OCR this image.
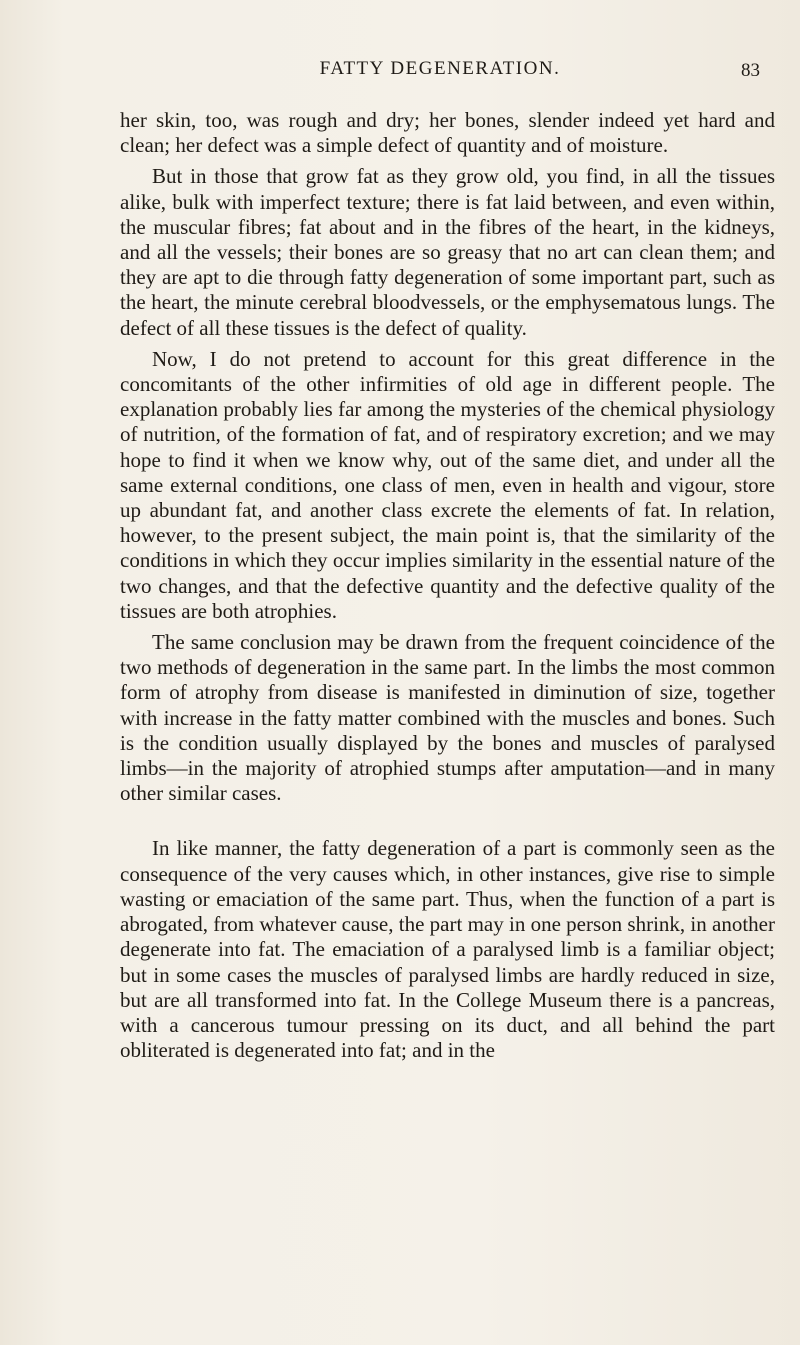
FATTY DEGENERATION.	83

her skin, too, was rough and dry; her bones, slender indeed yet hard and clean; her defect was a simple defect of quantity and of moisture.

But in those that grow fat as they grow old, you find, in all the tissues alike, bulk with imperfect texture; there is fat laid between, and even within, the muscular fibres; fat about and in the fibres of the heart, in the kidneys, and all the vessels; their bones are so greasy that no art can clean them; and they are apt to die through fatty degeneration of some important part, such as the heart, the minute cerebral bloodvessels, or the emphysematous lungs. The defect of all these tissues is the defect of quality.

Now, I do not pretend to account for this great difference in the concomitants of the other infirmities of old age in different people. The explanation probably lies far among the mysteries of the chemical physiology of nutrition, of the formation of fat, and of respiratory excretion; and we may hope to find it when we know why, out of the same diet, and under all the same external conditions, one class of men, even in health and vigour, store up abundant fat, and another class excrete the elements of fat. In relation, however, to the present subject, the main point is, that the similarity of the conditions in which they occur implies similarity in the essential nature of the two changes, and that the defective quantity and the defective quality of the tissues are both atrophies.

The same conclusion may be drawn from the frequent coincidence of the two methods of degeneration in the same part. In the limbs the most common form of atrophy from disease is manifested in diminution of size, together with increase in the fatty matter combined with the muscles and bones. Such is the condition usually displayed by the bones and muscles of paralysed limbs—in the majority of atrophied stumps after amputation—and in many other similar cases.

In like manner, the fatty degeneration of a part is commonly seen as the consequence of the very causes which, in other instances, give rise to simple wasting or emaciation of the same part. Thus, when the function of a part is abrogated, from whatever cause, the part may in one person shrink, in another degenerate into fat. The emaciation of a paralysed limb is a familiar object; but in some cases the muscles of paralysed limbs are hardly reduced in size, but are all transformed into fat. In the College Museum there is a pancreas, with a cancerous tumour pressing on its duct, and all behind the part obliterated is degenerated into fat; and in the
